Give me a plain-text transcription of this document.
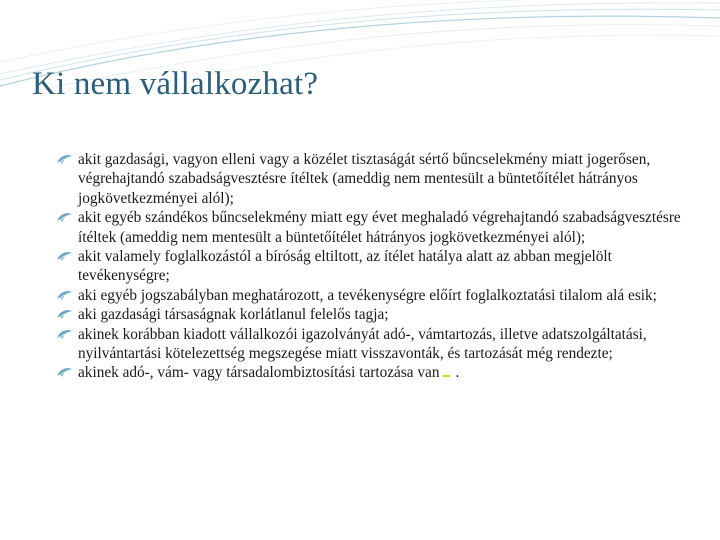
Ki nem vállalkozhat?
akit gazdasági, vagyon elleni vagy a közélet tisztaságát sértő bűncselekmény miatt jogerősen, végrehajtandó szabadságvesztésre ítéltek (ameddig nem mentesült a büntetőítélet hátrányos jogkövetkezményei alól);
akit egyéb szándékos bűncselekmény miatt egy évet meghaladó végrehajtandó szabadságvesztésre ítéltek (ameddig nem mentesült a büntetőítélet hátrányos jogkövetkezményei alól);
akit valamely foglalkozástól a bíróság eltiltott, az ítélet hatálya alatt az abban megjelölt tevékenységre;
aki egyéb jogszabályban meghatározott, a tevékenységre előírt foglalkoztatási tilalom alá esik;
aki gazdasági társaságnak korlátlanul felelős tagja;
akinek korábban kiadott vállalkozói igazolványát adó-, vámtartozás, illetve adatszolgáltatási, nyilvántartási kötelezettség megszegése miatt visszavonták, és tartozását még rendezte;
akinek adó-, vám- vagy társadalombiztosítási tartozása van .
